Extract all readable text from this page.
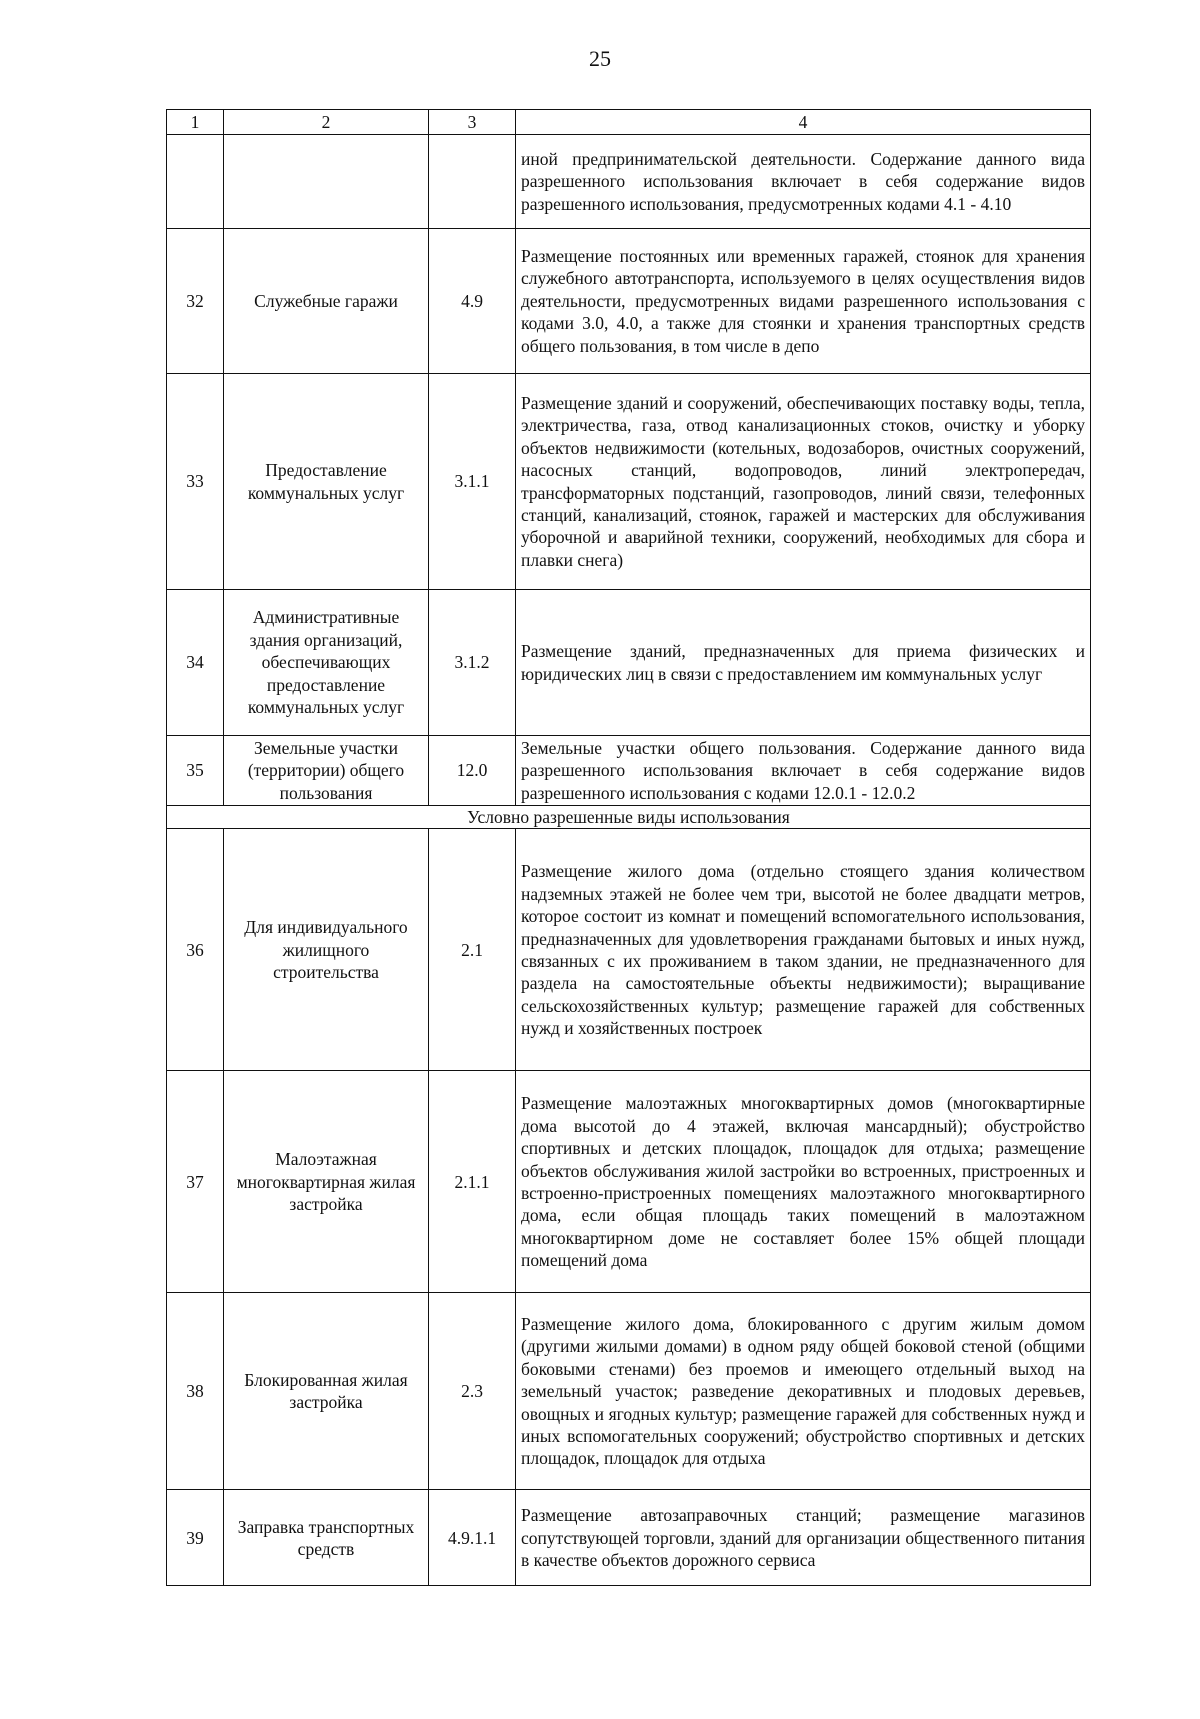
25
1	2	3	4
			иной предпринимательской деятельности. Содержание данного вида разрешенного использования включает в себя содержание видов разрешенного использования, предусмотренных кодами 4.1 - 4.10
32	Служебные гаражи	4.9	Размещение постоянных или временных гаражей, стоянок для хранения служебного автотранспорта, используемого в целях осуществления видов деятельности, предусмотренных видами разрешенного использования с кодами 3.0, 4.0, а также для стоянки и хранения транспортных средств общего пользования, в том числе в депо
33	Предоставление коммунальных услуг	3.1.1	Размещение зданий и сооружений, обеспечивающих поставку воды, тепла, электричества, газа, отвод канализационных стоков, очистку и уборку объектов недвижимости (котельных, водозаборов, очистных сооружений, насосных станций, водопроводов, линий электропередач, трансформаторных подстанций, газопроводов, линий связи, телефонных станций, канализаций, стоянок, гаражей и мастерских для обслуживания уборочной и аварийной техники, сооружений, необходимых для сбора и плавки снега)
34	Административные здания организаций, обеспечивающих предоставление коммунальных услуг	3.1.2	Размещение зданий, предназначенных для приема физических и юридических лиц в связи с предоставлением им коммунальных услуг
35	Земельные участки (территории) общего пользования	12.0	Земельные участки общего пользования. Содержание данного вида разрешенного использования включает в себя содержание видов разрешенного использования с кодами 12.0.1 - 12.0.2
Условно разрешенные виды использования			
36	Для индивидуального жилищного строительства	2.1	Размещение жилого дома (отдельно стоящего здания количеством надземных этажей не более чем три, высотой не более двадцати метров, которое состоит из комнат и помещений вспомогательного использования, предназначенных для удовлетворения гражданами бытовых и иных нужд, связанных с их проживанием в таком здании, не предназначенного для раздела на самостоятельные объекты недвижимости); выращивание сельскохозяйственных культур; размещение гаражей для собственных нужд и хозяйственных построек
37	Малоэтажная многоквартирная жилая застройка	2.1.1	Размещение малоэтажных многоквартирных домов (многоквартирные дома высотой до 4 этажей, включая мансардный); обустройство спортивных и детских площадок, площадок для отдыха; размещение объектов обслуживания жилой застройки во встроенных, пристроенных и встроенно-пристроенных помещениях малоэтажного многоквартирного дома, если общая площадь таких помещений в малоэтажном многоквартирном доме не составляет более 15% общей площади помещений дома
38	Блокированная жилая застройка	2.3	Размещение жилого дома, блокированного с другим жилым домом (другими жилыми домами) в одном ряду общей боковой стеной (общими боковыми стенами) без проемов и имеющего отдельный выход на земельный участок; разведение декоративных и плодовых деревьев, овощных и ягодных культур; размещение гаражей для собственных нужд и иных вспомогательных сооружений; обустройство спортивных и детских площадок, площадок для отдыха
39	Заправка транспортных средств	4.9.1.1	Размещение автозаправочных станций; размещение магазинов сопутствующей торговли, зданий для организации общественного питания в качестве объектов дорожного сервиса
